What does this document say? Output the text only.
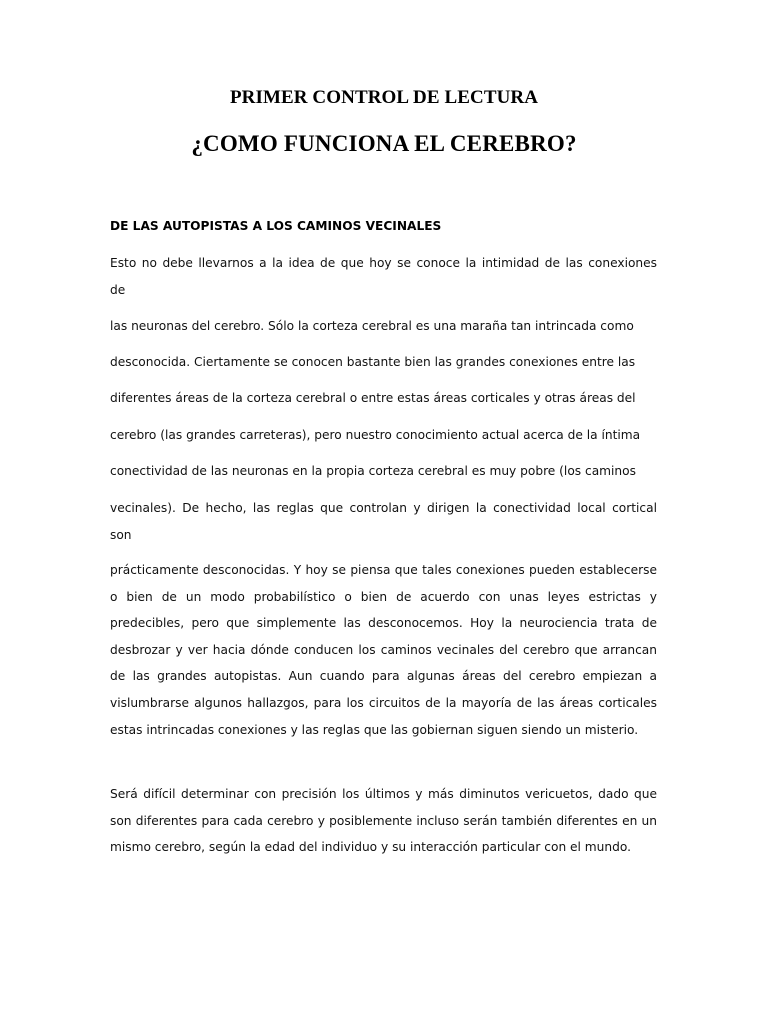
PRIMER CONTROL DE LECTURA
¿COMO FUNCIONA EL CEREBRO?
DE LAS AUTOPISTAS A LOS CAMINOS VECINALES
Esto no debe llevarnos a la idea de que hoy se conoce la intimidad de las conexiones
de
las neuronas del cerebro. Sólo la corteza cerebral es una maraña tan intrincada como
desconocida. Ciertamente se conocen bastante bien las grandes conexiones entre las
diferentes áreas de la corteza cerebral o entre estas áreas corticales y otras áreas del
cerebro (las grandes carreteras), pero nuestro conocimiento actual acerca de la íntima
conectividad de las neuronas en la propia corteza cerebral es muy pobre (los caminos
vecinales). De hecho, las reglas que controlan y dirigen la conectividad local cortical
son

prácticamente desconocidas. Y hoy se piensa que tales conexiones pueden establecerse o bien de un modo probabilístico o bien de acuerdo con unas leyes estrictas y predecibles, pero que simplemente las desconocemos. Hoy la neurociencia trata de desbrozar y ver hacia dónde conducen los caminos vecinales del cerebro que arrancan de las grandes autopistas. Aun cuando para algunas áreas del cerebro empiezan a vislumbrarse algunos hallazgos, para los circuitos de la mayoría de las áreas corticales estas intrincadas conexiones y las reglas que las gobiernan siguen siendo un misterio.

Será difícil determinar con precisión los últimos y más diminutos vericuetos, dado que son diferentes para cada cerebro y posiblemente incluso serán también diferentes en un mismo cerebro, según la edad del individuo y su interacción particular con el mundo.
